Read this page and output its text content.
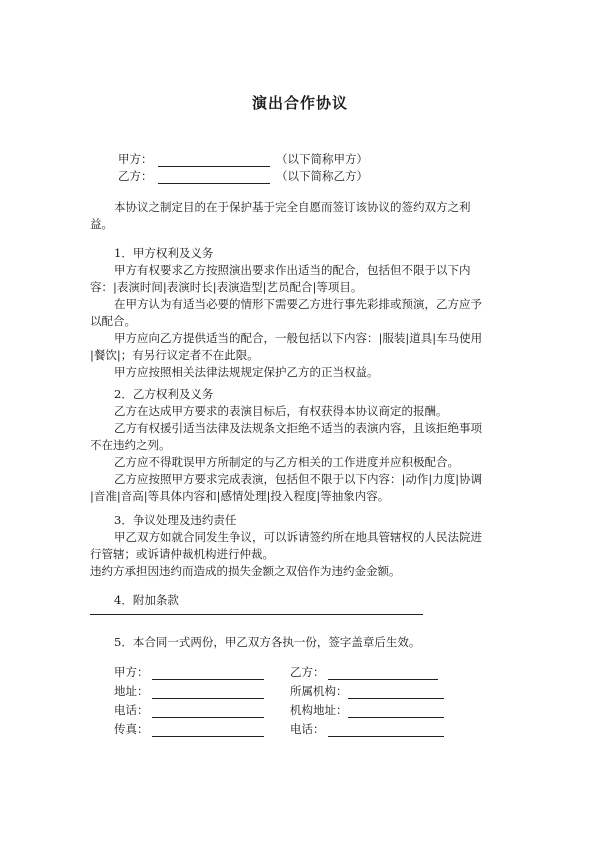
演出合作协议
甲方：	（以下简称甲方）
乙方：	（以下简称乙方）

本协议之制定目的在于保护基于完全自愿而签订该协议的签约双方之利

益。

1．甲方权利及义务

甲方有权要求乙方按照演出要求作出适当的配合，包括但不限于以下内

容：|表演时间|表演时长|表演造型|艺员配合|等项目。

在甲方认为有适当必要的情形下需要乙方进行事先彩排或预演，乙方应予

以配合。

甲方应向乙方提供适当的配合，一般包括以下内容：|服装|道具|车马使用

|餐饮|；有另行议定者不在此限。

甲方应按照相关法律法规规定保护乙方的正当权益。

2．乙方权利及义务

乙方在达成甲方要求的表演目标后，有权获得本协议商定的报酬。

乙方有权援引适当法律及法规条文拒绝不适当的表演内容，且该拒绝事项

不在违约之列。

乙方应不得耽误甲方所制定的与乙方相关的工作进度并应积极配合。

乙方应按照甲方要求完成表演，包括但不限于以下内容：|动作|力度|协调

|音准|音高|等具体内容和|感情处理|投入程度|等抽象内容。

3．争议处理及违约责任

甲乙双方如就合同发生争议，可以诉请签约所在地具管辖权的人民法院进

行管辖；或诉请仲裁机构进行仲裁。

违约方承担因违约而造成的损失金额之双倍作为违约金金额。

4．附加条款
5．本合同一式两份，甲乙双方各执一份，签字盖章后生效。
甲方：
地址：
电话：
传真：
乙方：
所属机构：
机构地址：
电话：
